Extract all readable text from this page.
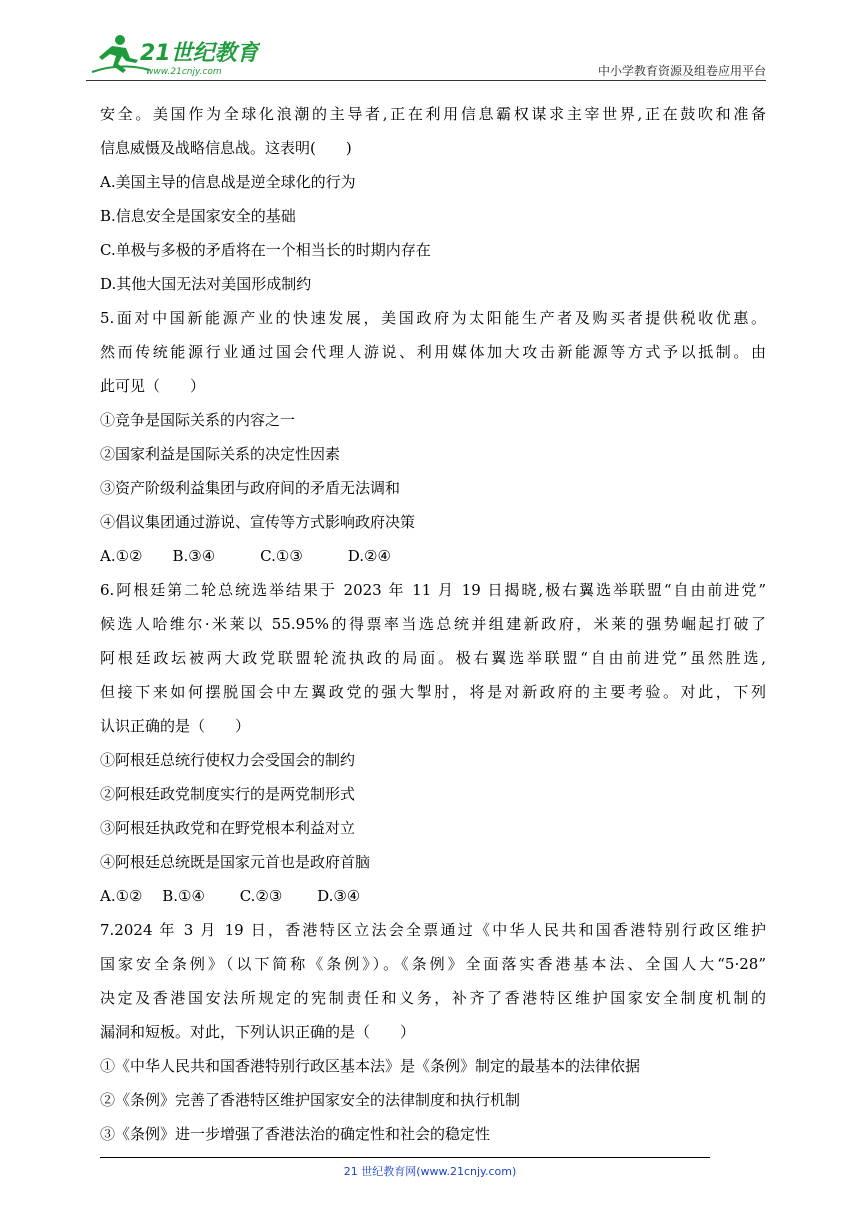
21世纪教育
www.21cnjy.com	中小学教育资源及组卷应用平台
安全。美国作为全球化浪潮的主导者,正在利用信息霸权谋求主宰世界,正在鼓吹和准备
信息威慑及战略信息战。这表明(　　)
A.美国主导的信息战是逆全球化的行为
B.信息安全是国家安全的基础
C.单极与多极的矛盾将在一个相当长的时期内存在
D.其他大国无法对美国形成制约
5.面对中国新能源产业的快速发展，美国政府为太阳能生产者及购买者提供税收优惠。
然而传统能源行业通过国会代理人游说、利用媒体加大攻击新能源等方式予以抵制。由
此可见（　　）
①竞争是国际关系的内容之一
②国家利益是国际关系的决定性因素
③资产阶级利益集团与政府间的矛盾无法调和
④倡议集团通过游说、宣传等方式影响政府决策
A.①②　　B.③④　　　C.①③　　　D.②④
6.阿根廷第二轮总统选举结果于 2023 年 11 月 19 日揭晓,极右翼选举联盟“自由前进党”
候选人哈维尔·米莱以 55.95%的得票率当选总统并组建新政府，米莱的强势崛起打破了
阿根廷政坛被两大政党联盟轮流执政的局面。极右翼选举联盟“自由前进党”虽然胜选,
但接下来如何摆脱国会中左翼政党的强大掣肘，将是对新政府的主要考验。对此，下列
认识正确的是（　　）
①阿根廷总统行使权力会受国会的制约
②阿根廷政党制度实行的是两党制形式
③阿根廷执政党和在野党根本利益对立
④阿根廷总统既是国家元首也是政府首脑
A.①②　 B.①④　　 C.②③　　 D.③④
7.2024 年 3 月 19 日，香港特区立法会全票通过《中华人民共和国香港特别行政区维护
国家安全条例》（以下简称《条例》）。《条例》全面落实香港基本法、全国人大“5·28”
决定及香港国安法所规定的宪制责任和义务，补齐了香港特区维护国家安全制度机制的
漏洞和短板。对此，下列认识正确的是（　　）
①《中华人民共和国香港特别行政区基本法》是《条例》制定的最基本的法律依据
②《条例》完善了香港特区维护国家安全的法律制度和执行机制
③《条例》进一步增强了香港法治的确定性和社会的稳定性
21 世纪教育网(www.21cnjy.com)
